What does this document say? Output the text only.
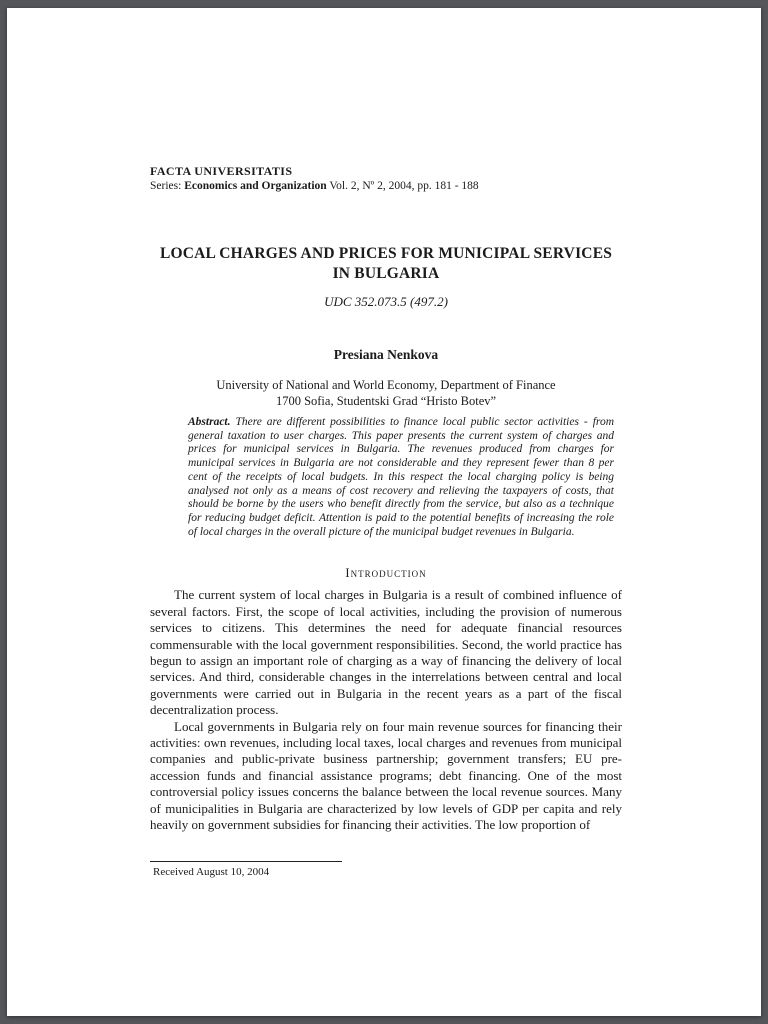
FACTA UNIVERSITATIS
Series: Economics and Organization Vol. 2, Nº 2, 2004, pp. 181 - 188
LOCAL CHARGES AND PRICES FOR MUNICIPAL SERVICES
IN BULGARIA
UDC 352.073.5 (497.2)
Presiana Nenkova
University of National and World Economy, Department of Finance
1700 Sofia, Studentski Grad “Hristo Botev”

Abstract. There are different possibilities to finance local public sector activities - from general taxation to user charges. This paper presents the current system of charges and prices for municipal services in Bulgaria. The revenues produced from charges for municipal services in Bulgaria are not considerable and they represent fewer than 8 per cent of the receipts of local budgets. In this respect the local charging policy is being analysed not only as a means of cost recovery and relieving the taxpayers of costs, that should be borne by the users who benefit directly from the service, but also as a technique for reducing budget deficit. Attention is paid to the potential benefits of increasing the role of local charges in the overall picture of the municipal budget revenues in Bulgaria.

Introduction

The current system of local charges in Bulgaria is a result of combined influence of several factors. First, the scope of local activities, including the provision of numerous services to citizens. This determines the need for adequate financial resources commensurable with the local government responsibilities. Second, the world practice has begun to assign an important role of charging as a way of financing the delivery of local services. And third, considerable changes in the interrelations between central and local governments were carried out in Bulgaria in the recent years as a part of the fiscal decentralization process.

Local governments in Bulgaria rely on four main revenue sources for financing their activities: own revenues, including local taxes, local charges and revenues from municipal companies and public-private business partnership; government transfers; EU pre-accession funds and financial assistance programs; debt financing. One of the most controversial policy issues concerns the balance between the local revenue sources. Many of municipalities in Bulgaria are characterized by low levels of GDP per capita and rely heavily on government subsidies for financing their activities. The low proportion of

Received August 10, 2004
